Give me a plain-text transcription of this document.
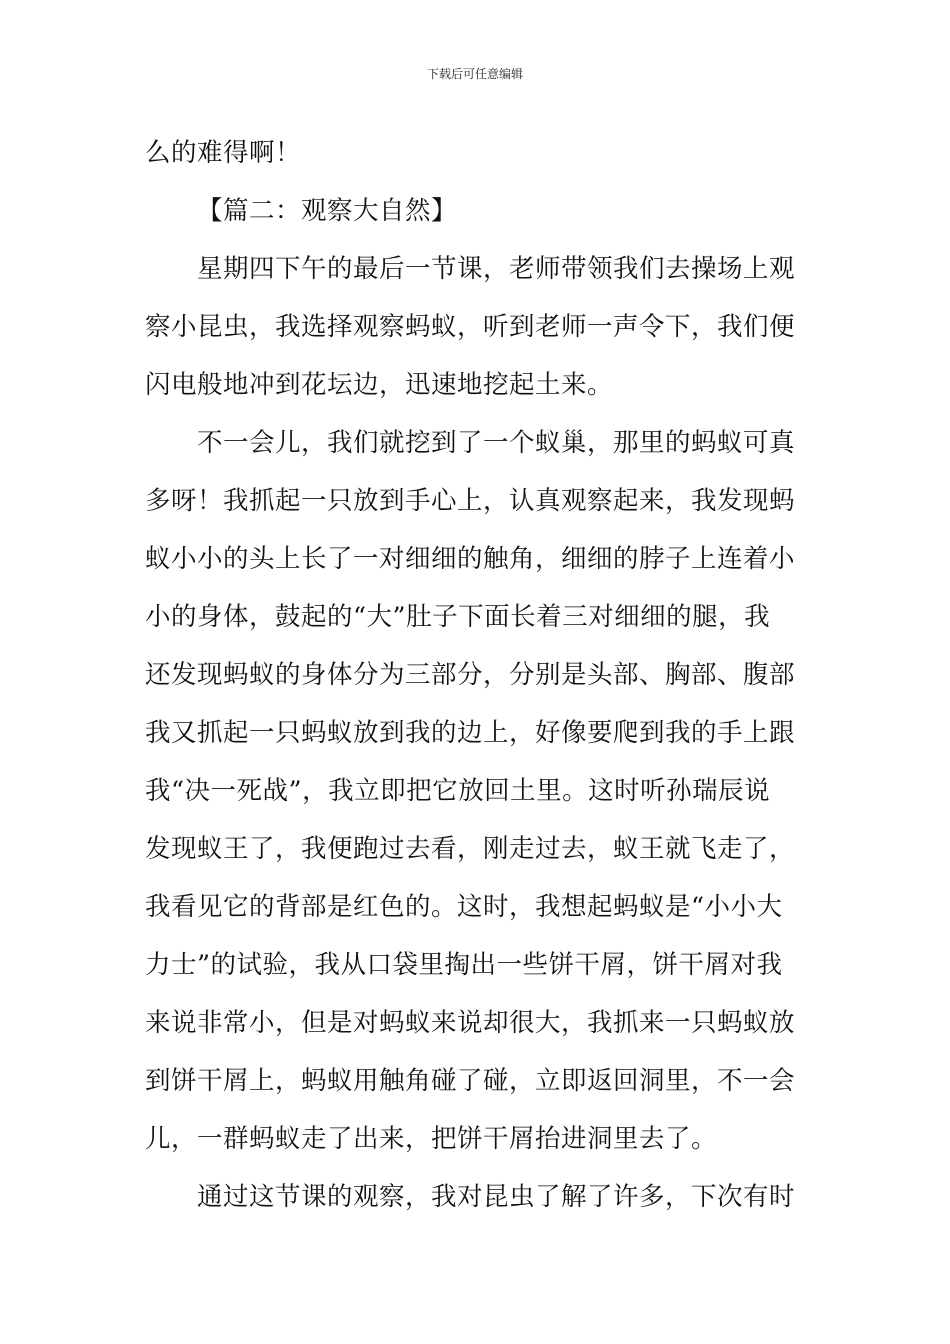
下载后可任意编辑
么的难得啊！
【篇二：观察大自然】
星期四下午的最后一节课，老师带领我们去操场上观
察小昆虫，我选择观察蚂蚁，听到老师一声令下，我们便
闪电般地冲到花坛边，迅速地挖起土来。
不一会儿，我们就挖到了一个蚁巢，那里的蚂蚁可真
多呀！我抓起一只放到手心上，认真观察起来，我发现蚂
蚁小小的头上长了一对细细的触角，细细的脖子上连着小
小的身体，鼓起的“大”肚子下面长着三对细细的腿，我
还发现蚂蚁的身体分为三部分，分别是头部、胸部、腹部
我又抓起一只蚂蚁放到我的边上，好像要爬到我的手上跟
我“决一死战”，我立即把它放回土里。这时听孙瑞辰说
发现蚁王了，我便跑过去看，刚走过去，蚁王就飞走了，
我看见它的背部是红色的。这时，我想起蚂蚁是“小小大
力士”的试验，我从口袋里掏出一些饼干屑，饼干屑对我
来说非常小，但是对蚂蚁来说却很大，我抓来一只蚂蚁放
到饼干屑上，蚂蚁用触角碰了碰，立即返回洞里，不一会
儿，一群蚂蚁走了出来，把饼干屑抬进洞里去了。
通过这节课的观察，我对昆虫了解了许多，下次有时
